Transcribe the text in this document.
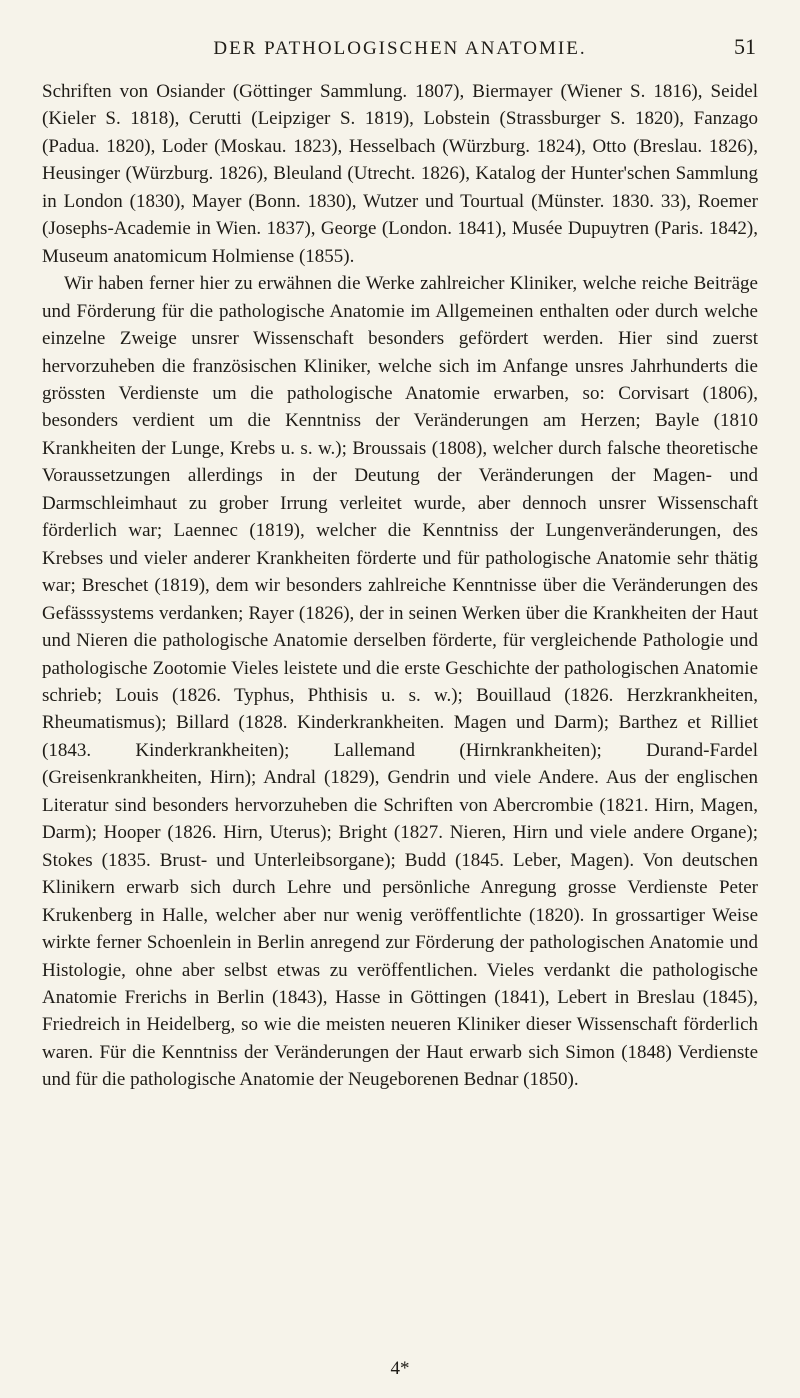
DER PATHOLOGISCHEN ANATOMIE.	51

Schriften von Osiander (Göttinger Sammlung. 1807), Biermayer (Wiener S. 1816), Seidel (Kieler S. 1818), Cerutti (Leipziger S. 1819), Lobstein (Strassburger S. 1820), Fanzago (Padua. 1820), Loder (Moskau. 1823), Hesselbach (Würzburg. 1824), Otto (Breslau. 1826), Heusinger (Würzburg. 1826), Bleuland (Utrecht. 1826), Katalog der Hunter'schen Sammlung in London (1830), Mayer (Bonn. 1830), Wutzer und Tourtual (Münster. 1830. 33), Roemer (Josephs-Academie in Wien. 1837), George (London. 1841), Musée Dupuytren (Paris. 1842), Museum anatomicum Holmiense (1855).

Wir haben ferner hier zu erwähnen die Werke zahlreicher Kliniker, welche reiche Beiträge und Förderung für die pathologische Anatomie im Allgemeinen enthalten oder durch welche einzelne Zweige unsrer Wissenschaft besonders gefördert werden. Hier sind zuerst hervorzuheben die französischen Kliniker, welche sich im Anfange unsres Jahrhunderts die grössten Verdienste um die pathologische Anatomie erwarben, so: Corvisart (1806), besonders verdient um die Kenntniss der Veränderungen am Herzen; Bayle (1810 Krankheiten der Lunge, Krebs u. s. w.); Broussais (1808), welcher durch falsche theoretische Voraussetzungen allerdings in der Deutung der Veränderungen der Magen- und Darmschleimhaut zu grober Irrung verleitet wurde, aber dennoch unsrer Wissenschaft förderlich war; Laennec (1819), welcher die Kenntniss der Lungenveränderungen, des Krebses und vieler anderer Krankheiten förderte und für pathologische Anatomie sehr thätig war; Breschet (1819), dem wir besonders zahlreiche Kenntnisse über die Veränderungen des Gefässsystems verdanken; Rayer (1826), der in seinen Werken über die Krankheiten der Haut und Nieren die pathologische Anatomie derselben förderte, für vergleichende Pathologie und pathologische Zootomie Vieles leistete und die erste Geschichte der pathologischen Anatomie schrieb; Louis (1826. Typhus, Phthisis u. s. w.); Bouillaud (1826. Herzkrankheiten, Rheumatismus); Billard (1828. Kinderkrankheiten. Magen und Darm); Barthez et Rilliet (1843. Kinderkrankheiten); Lallemand (Hirnkrankheiten); Durand-Fardel (Greisenkrankheiten, Hirn); Andral (1829), Gendrin und viele Andere. Aus der englischen Literatur sind besonders hervorzuheben die Schriften von Abercrombie (1821. Hirn, Magen, Darm); Hooper (1826. Hirn, Uterus); Bright (1827. Nieren, Hirn und viele andere Organe); Stokes (1835. Brust- und Unterleibsorgane); Budd (1845. Leber, Magen). Von deutschen Klinikern erwarb sich durch Lehre und persönliche Anregung grosse Verdienste Peter Krukenberg in Halle, welcher aber nur wenig veröffentlichte (1820). In grossartiger Weise wirkte ferner Schoenlein in Berlin anregend zur Förderung der pathologischen Anatomie und Histologie, ohne aber selbst etwas zu veröffentlichen. Vieles verdankt die pathologische Anatomie Frerichs in Berlin (1843), Hasse in Göttingen (1841), Lebert in Breslau (1845), Friedreich in Heidelberg, so wie die meisten neueren Kliniker dieser Wissenschaft förderlich waren. Für die Kenntniss der Veränderungen der Haut erwarb sich Simon (1848) Verdienste und für die pathologische Anatomie der Neugeborenen Bednar (1850).

4*
